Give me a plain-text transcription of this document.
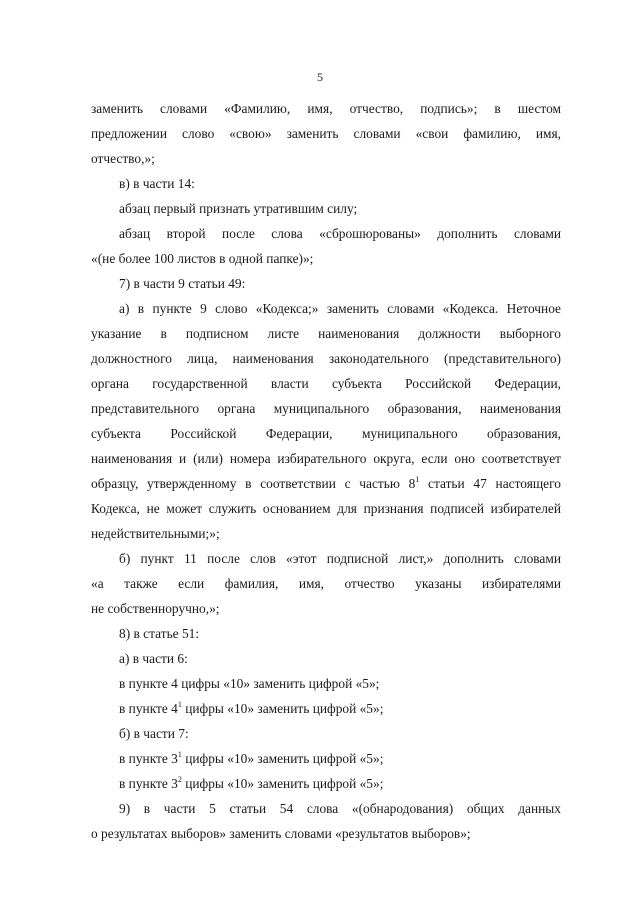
5
заменить словами «Фамилию, имя, отчество, подпись»; в шестом
предложении слово «свою» заменить словами «свои фамилию, имя,
отчество,»;
в) в части 14:
абзац первый признать утратившим силу;
абзац второй после слова «сброшюрованы» дополнить словами
«(не более 100 листов в одной папке)»;
7) в части 9 статьи 49:
а) в пункте 9 слово «Кодекса;» заменить словами «Кодекса. Неточное
указание в подписном листе наименования должности выборного
должностного лица, наименования законодательного (представительного)
органа государственной власти субъекта Российской Федерации,
представительного органа муниципального образования, наименования
субъекта Российской Федерации, муниципального образования,
наименования и (или) номера избирательного округа, если оно соответствует
образцу, утвержденному в соответствии с частью $8^1$ статьи 47 настоящего
Кодекса, не может служить основанием для признания подписей избирателей
недействительными;»;
б) пункт 11 после слов «этот подписной лист,» дополнить словами
«а также если фамилия, имя, отчество указаны избирателями
не собственноручно,»;
8) в статье 51:
а) в части 6:
в пункте 4 цифры «10» заменить цифрой «5»;
в пункте $4^1$ цифры «10» заменить цифрой «5»;
б) в части 7:
в пункте $3^1$ цифры «10» заменить цифрой «5»;
в пункте $3^2$ цифры «10» заменить цифрой «5»;
9) в части 5 статьи 54 слова «(обнародования) общих данных
о результатах выборов» заменить словами «результатов выборов»;
